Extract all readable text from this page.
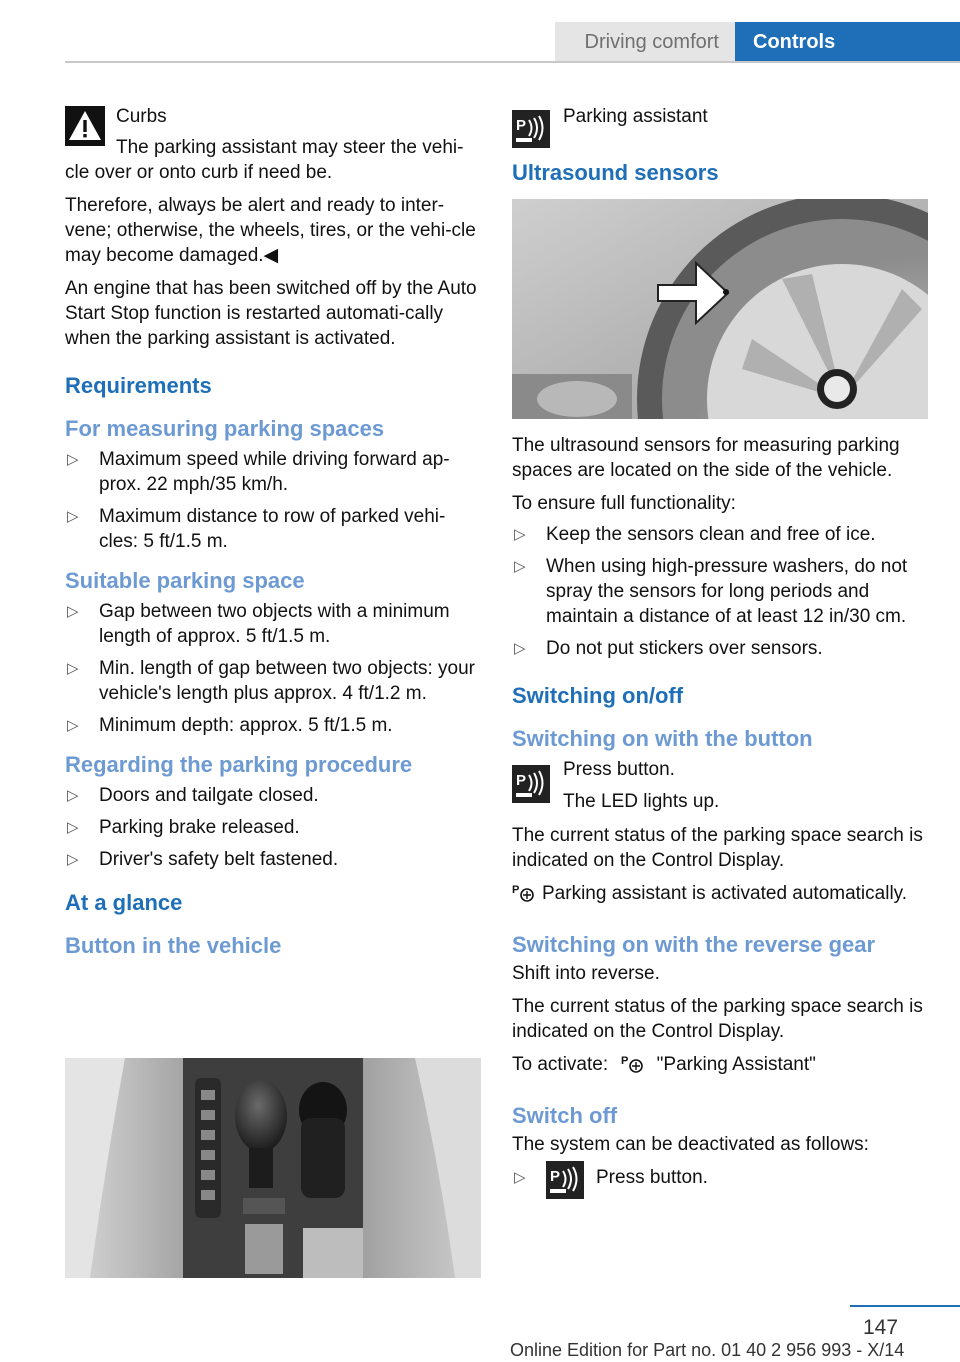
Driving comfort	Controls
Curbs
The parking assistant may steer the vehi-

cle over or onto curb if need be.

Therefore, always be alert and ready to inter-vene; otherwise, the wheels, tires, or the vehi-cle may become damaged.◀

An engine that has been switched off by the Auto Start Stop function is restarted automati-cally when the parking assistant is activated.

Requirements
For measuring parking spaces
▷ Maximum speed while driving forward ap-prox. 22 mph/35 km/h.
▷ Maximum distance to row of parked vehi-cles: 5 ft/1.5 m.
Suitable parking space
▷ Gap between two objects with a minimum length of approx. 5 ft/1.5 m.
▷ Min. length of gap between two objects: your vehicle's length plus approx. 4 ft/1.2 m.
▷ Minimum depth: approx. 5 ft/1.5 m.
Regarding the parking procedure
▷ Doors and tailgate closed.
▷ Parking brake released.
▷ Driver's safety belt fastened.
At a glance
Button in the vehicle
P	Parking assistant
Ultrasound sensors

The ultrasound sensors for measuring parking spaces are located on the side of the vehicle.

To ensure full functionality:

▷ Keep the sensors clean and free of ice.
▷ When using high-pressure washers, do not spray the sensors for long periods and maintain a distance of at least 12 in/30 cm.
▷ Do not put stickers over sensors.
Switching on/off
Switching on with the button
P
Press button.
The LED lights up.

The current status of the parking space search is indicated on the Control Display.

P Parking assistant is activated automatically.

Switching on with the reverse gear

Shift into reverse.

The current status of the parking space search is indicated on the Control Display.

To activate: P "Parking Assistant"

Switch off

The system can be deactivated as follows:

▷ P Press button.
147
Online Edition for Part no. 01 40 2 956 993 - X/14
